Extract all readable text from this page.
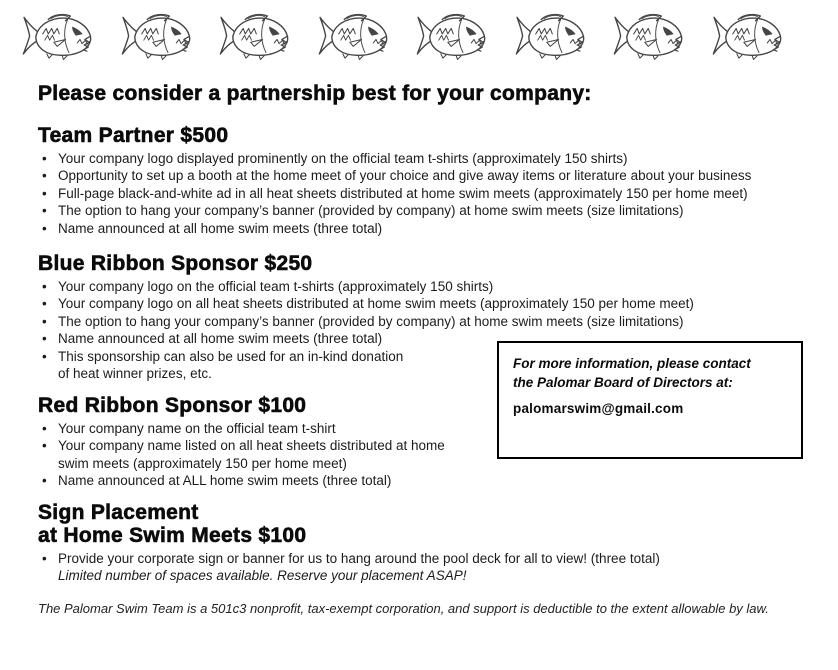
Please consider a partnership best for your company:
Team Partner $500
• Your company logo displayed prominently on the official team t-shirts (approximately 150 shirts)
• Opportunity to set up a booth at the home meet of your choice and give away items or literature about your business
• Full-page black-and-white ad in all heat sheets distributed at home swim meets (approximately 150 per home meet)
• The option to hang your company’s banner (provided by company) at home swim meets (size limitations)
• Name announced at all home swim meets (three total)
Blue Ribbon Sponsor $250
• Your company logo on the official team t-shirts (approximately 150 shirts)
• Your company logo on all heat sheets distributed at home swim meets (approximately 150 per home meet)
• The option to hang your company’s banner (provided by company) at home swim meets (size limitations)
• Name announced at all home swim meets (three total)
• This sponsorship can also be used for an in-kind donation
of heat winner prizes, etc.
Red Ribbon Sponsor $100
• Your company name on the official team t-shirt
• Your company name listed on all heat sheets distributed at home
swim meets (approximately 150 per home meet)
• Name announced at ALL home swim meets (three total)
For more information, please contact
the Palomar Board of Directors at:
palomarswim@gmail.com
Sign Placement
at Home Swim Meets $100
• Provide your corporate sign or banner for us to hang around the pool deck for all to view! (three total)
Limited number of spaces available. Reserve your placement ASAP!
The Palomar Swim Team is a 501c3 nonprofit, tax-exempt corporation, and support is deductible to the extent allowable by law.
